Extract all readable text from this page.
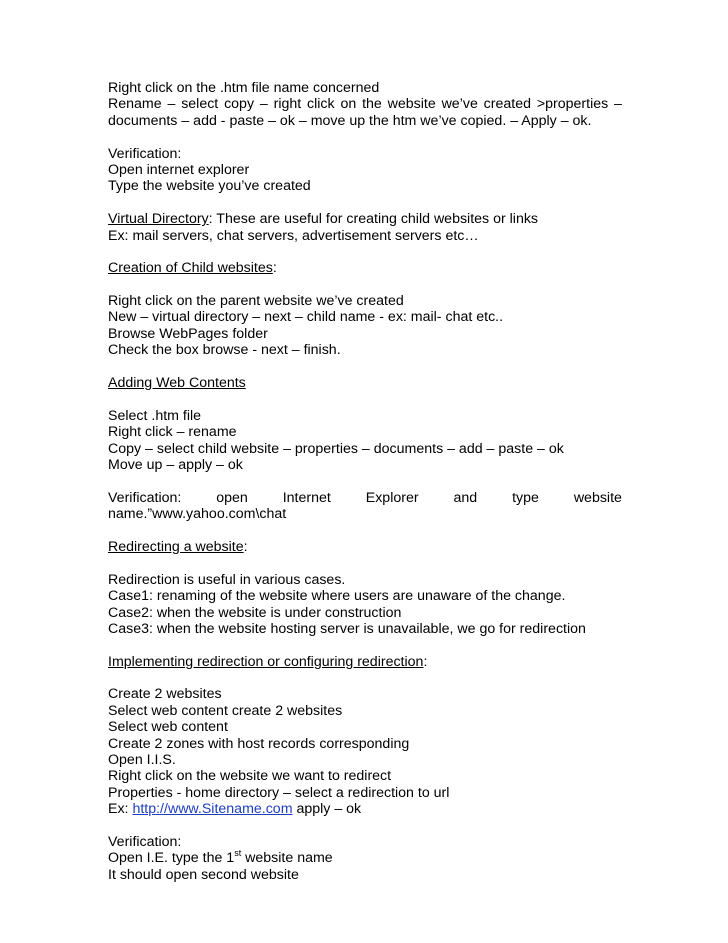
Right click on the .htm file name concerned
Rename – select copy – right click on the website we’ve created >properties –
documents – add - paste – ok – move up the htm we’ve copied. – Apply – ok.
Verification:
Open internet explorer
Type the website you’ve created
Virtual Directory: These are useful for creating child websites or links
Ex: mail servers, chat servers, advertisement servers etc…
Creation of Child websites:
Right click on the parent website we’ve created
New – virtual directory – next – child name - ex: mail- chat etc..
Browse WebPages folder
Check the box browse - next – finish.
Adding Web Contents
Select .htm file
Right click – rename
Copy – select child website – properties – documents – add – paste – ok
Move up – apply – ok
Verification: open Internet Explorer and type website
name.”www.yahoo.com\chat
Redirecting a website:
Redirection is useful in various cases.
Case1: renaming of the website where users are unaware of the change.
Case2: when the website is under construction
Case3: when the website hosting server is unavailable, we go for redirection
Implementing redirection or configuring redirection:
Create 2 websites
Select web content create 2 websites
Select web content
Create 2 zones with host records corresponding
Open I.I.S.
Right click on the website we want to redirect
Properties - home directory – select a redirection to url
Ex: http://www.Sitename.com apply – ok
Verification:
Open I.E. type the 1st website name
It should open second website
